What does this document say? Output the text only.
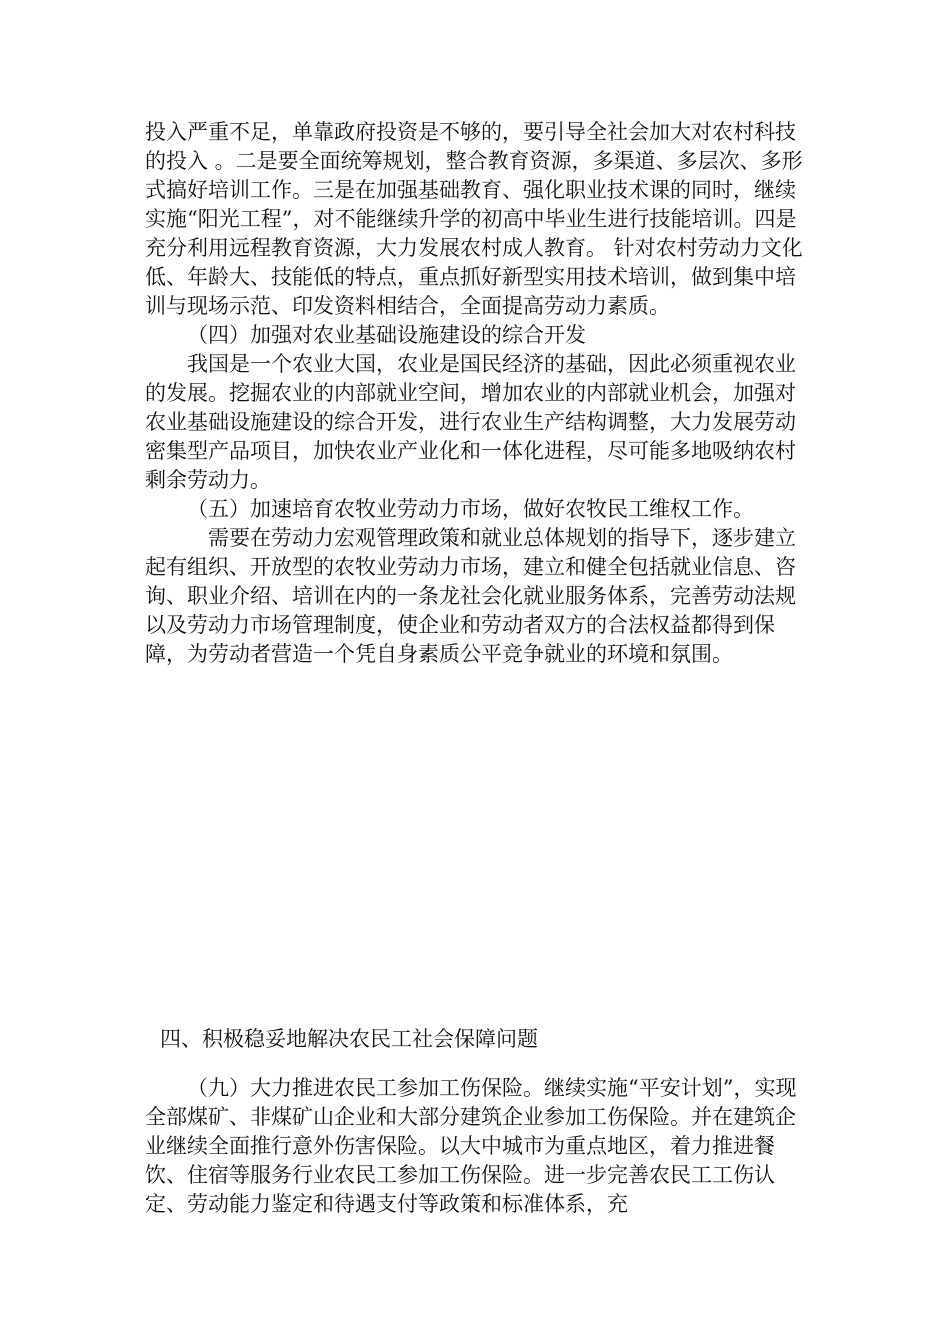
投入严重不足，单靠政府投资是不够的，要引导全社会加大对农村科技的投入 。二是要全面统筹规划，整合教育资源，多渠道、多层次、多形式搞好培训工作。三是在加强基础教育、强化职业技术课的同时，继续实施“阳光工程”，对不能继续升学的初高中毕业生进行技能培训。四是充分利用远程教育资源，大力发展农村成人教育。 针对农村劳动力文化低、年龄大、技能低的特点，重点抓好新型实用技术培训，做到集中培训与现场示范、印发资料相结合，全面提高劳动力素质。

（四）加强对农业基础设施建设的综合开发

我国是一个农业大国，农业是国民经济的基础，因此必须重视农业的发展。挖掘农业的内部就业空间，增加农业的内部就业机会，加强对农业基础设施建设的综合开发，进行农业生产结构调整，大力发展劳动密集型产品项目，加快农业产业化和一体化进程，尽可能多地吸纳农村剩余劳动力。

（五）加速培育农牧业劳动力市场，做好农牧民工维权工作。

需要在劳动力宏观管理政策和就业总体规划的指导下，逐步建立起有组织、开放型的农牧业劳动力市场，建立和健全包括就业信息、咨询、职业介绍、培训在内的一条龙社会化就业服务体系，完善劳动法规以及劳动力市场管理制度，使企业和劳动者双方的合法权益都得到保障，为劳动者营造一个凭自身素质公平竞争就业的环境和氛围。

四、积极稳妥地解决农民工社会保障问题

（九）大力推进农民工参加工伤保险。继续实施“平安计划”，实现全部煤矿、非煤矿山企业和大部分建筑企业参加工伤保险。并在建筑企业继续全面推行意外伤害保险。以大中城市为重点地区，着力推进餐饮、住宿等服务行业农民工参加工伤保险。进一步完善农民工工伤认定、劳动能力鉴定和待遇支付等政策和标准体系，充
